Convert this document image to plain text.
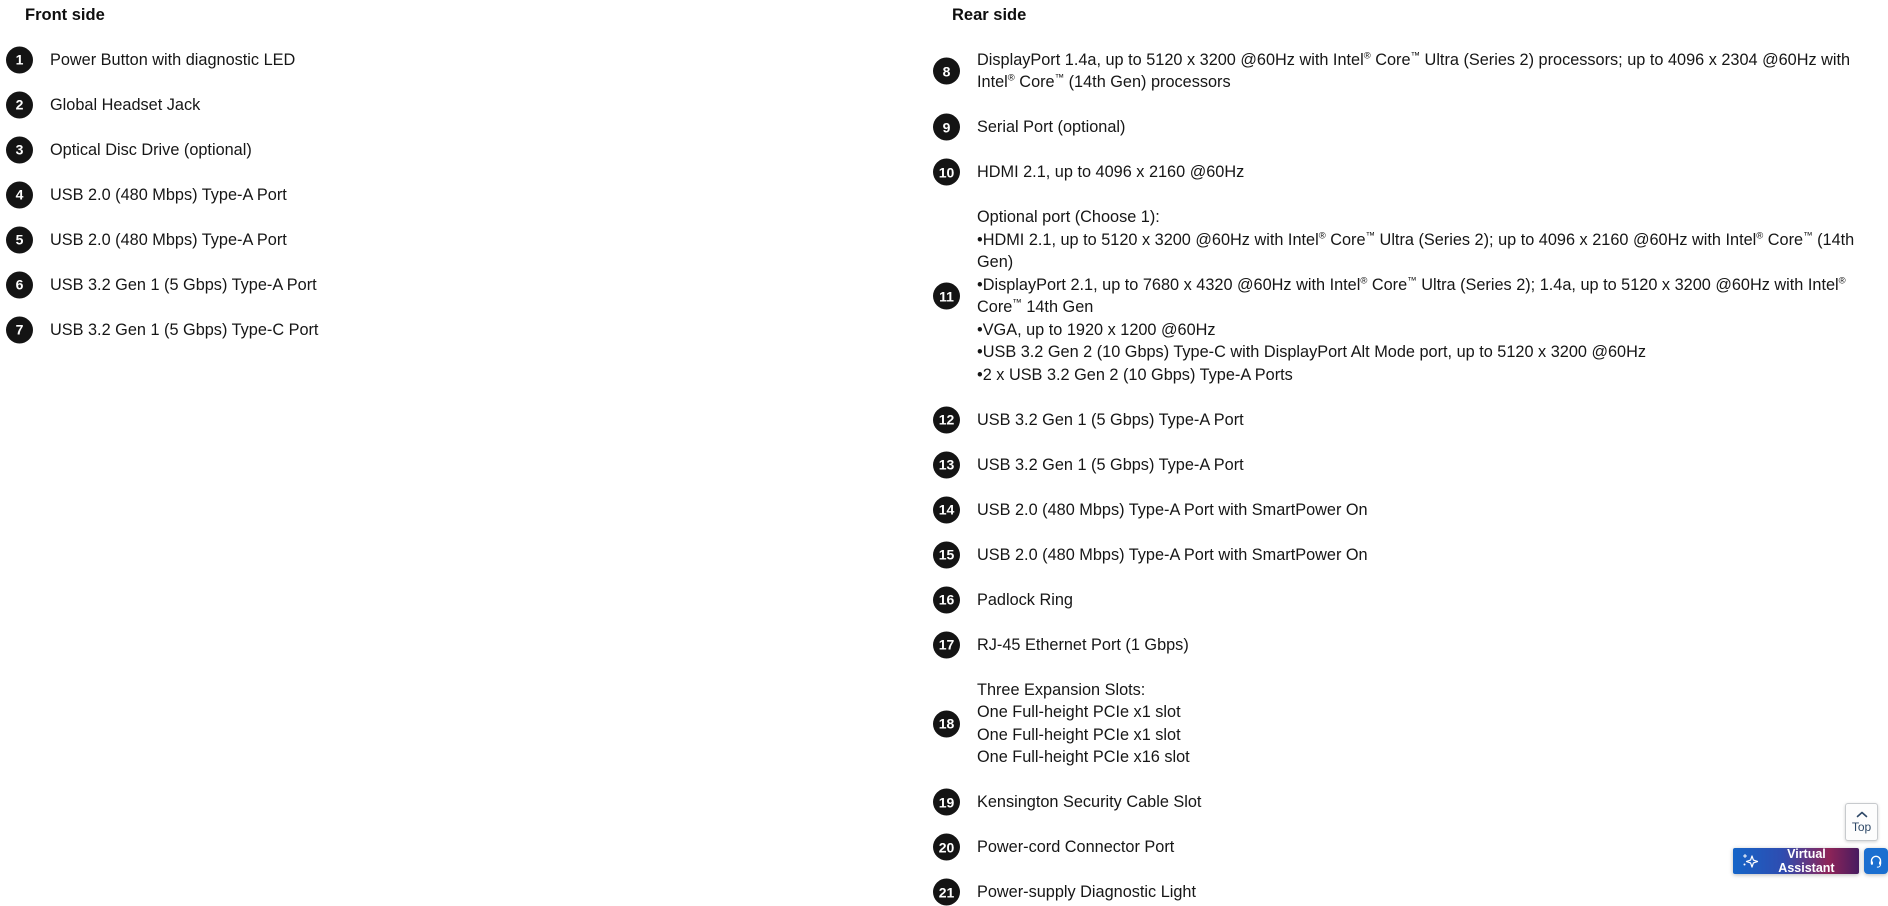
Front side
1	Power Button with diagnostic LED
2	Global Headset Jack
3	Optical Disc Drive (optional)
4	USB 2.0 (480 Mbps) Type-A Port
5	USB 2.0 (480 Mbps) Type-A Port
6	USB 3.2 Gen 1 (5 Gbps) Type-A Port
7	USB 3.2 Gen 1 (5 Gbps) Type-C Port
Rear side
8
DisplayPort 1.4a, up to 5120 x 3200 @60Hz with Intel® Core™ Ultra (Series 2) processors; up to 4096 x 2304 @60Hz with Intel® Core™ (14th Gen) processors
9	Serial Port (optional)
10	HDMI 2.1, up to 4096 x 2160 @60Hz
11
Optional port (Choose 1):
•HDMI 2.1, up to 5120 x 3200 @60Hz with Intel® Core™ Ultra (Series 2); up to 4096 x 2160 @60Hz with Intel® Core™ (14th Gen)
•DisplayPort 2.1, up to 7680 x 4320 @60Hz with Intel® Core™ Ultra (Series 2); 1.4a, up to 5120 x 3200 @60Hz with Intel® Core™ 14th Gen
•VGA, up to 1920 x 1200 @60Hz
•USB 3.2 Gen 2 (10 Gbps) Type-C with DisplayPort Alt Mode port, up to 5120 x 3200 @60Hz
•2 x USB 3.2 Gen 2 (10 Gbps) Type-A Ports
12	USB 3.2 Gen 1 (5 Gbps) Type-A Port
13	USB 3.2 Gen 1 (5 Gbps) Type-A Port
14	USB 2.0 (480 Mbps) Type-A Port with SmartPower On
15	USB 2.0 (480 Mbps) Type-A Port with SmartPower On
16	Padlock Ring
17	RJ-45 Ethernet Port (1 Gbps)
18
Three Expansion Slots:
One Full-height PCIe x1 slot
One Full-height PCIe x1 slot
One Full-height PCIe x16 slot
19	Kensington Security Cable Slot
20	Power-cord Connector Port
21	Power-supply Diagnostic Light
Top
Virtual Assistant
